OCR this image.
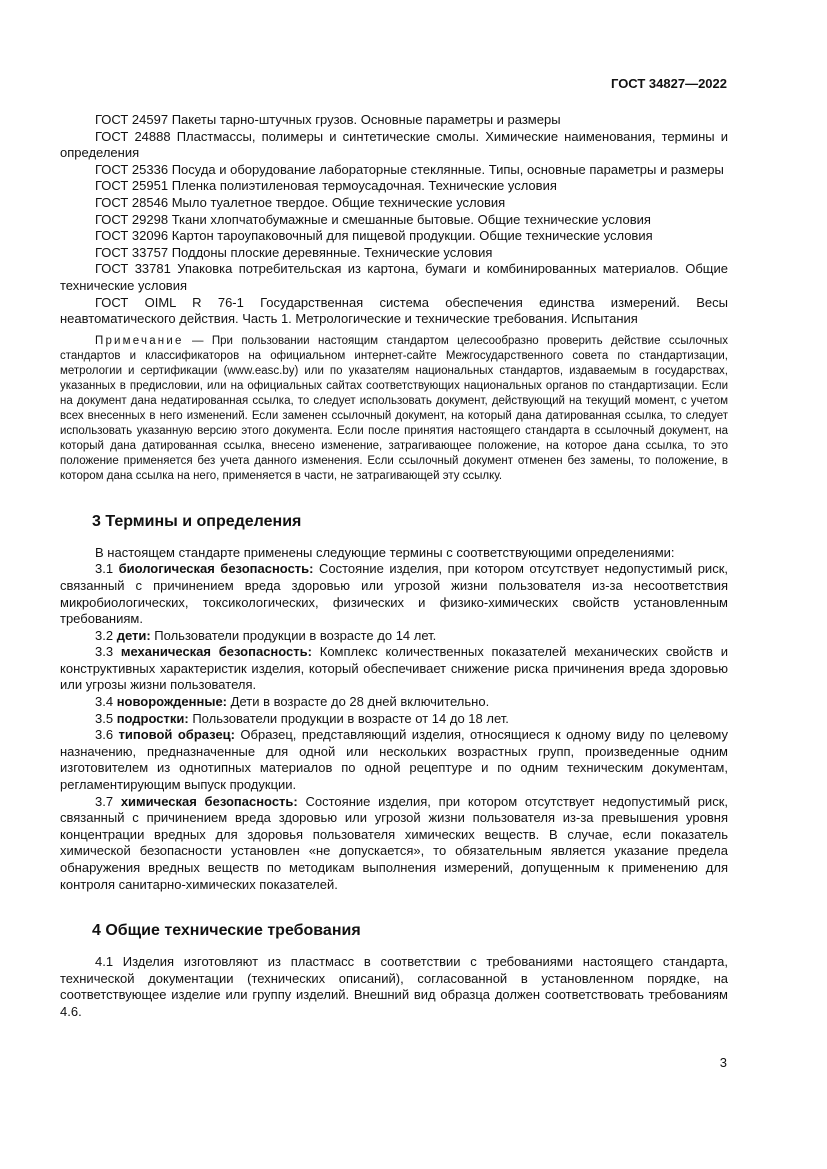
ГОСТ 34827—2022

ГОСТ 24597 Пакеты тарно-штучных грузов. Основные параметры и размеры

ГОСТ 24888 Пластмассы, полимеры и синтетические смолы. Химические наименования, термины и определения

ГОСТ 25336 Посуда и оборудование лабораторные стеклянные. Типы, основные параметры и размеры

ГОСТ 25951 Пленка полиэтиленовая термоусадочная. Технические условия

ГОСТ 28546 Мыло туалетное твердое. Общие технические условия

ГОСТ 29298 Ткани хлопчатобумажные и смешанные бытовые. Общие технические условия

ГОСТ 32096 Картон тароупаковочный для пищевой продукции. Общие технические условия

ГОСТ 33757 Поддоны плоские деревянные. Технические условия

ГОСТ 33781 Упаковка потребительская из картона, бумаги и комбинированных материалов. Общие технические условия

ГОСТ OIML R 76-1 Государственная система обеспечения единства измерений. Весы неавтоматического действия. Часть 1. Метрологические и технические требования. Испытания

Примечание — При пользовании настоящим стандартом целесообразно проверить действие ссылочных стандартов и классификаторов на официальном интернет-сайте Межгосударственного совета по стандартизации, метрологии и сертификации (www.easc.by) или по указателям национальных стандартов, издаваемым в государствах, указанных в предисловии, или на официальных сайтах соответствующих национальных органов по стандартизации. Если на документ дана недатированная ссылка, то следует использовать документ, действующий на текущий момент, с учетом всех внесенных в него изменений. Если заменен ссылочный документ, на который дана датированная ссылка, то следует использовать указанную версию этого документа. Если после принятия настоящего стандарта в ссылочный документ, на который дана датированная ссылка, внесено изменение, затрагивающее положение, на которое дана ссылка, то это положение применяется без учета данного изменения. Если ссылочный документ отменен без замены, то положение, в котором дана ссылка на него, применяется в части, не затрагивающей эту ссылку.

3 Термины и определения

В настоящем стандарте применены следующие термины с соответствующими определениями:

3.1 биологическая безопасность: Состояние изделия, при котором отсутствует недопустимый риск, связанный с причинением вреда здоровью или угрозой жизни пользователя из-за несоответствия микробиологических, токсикологических, физических и физико-химических свойств установленным требованиям.

3.2 дети: Пользователи продукции в возрасте до 14 лет.

3.3 механическая безопасность: Комплекс количественных показателей механических свойств и конструктивных характеристик изделия, который обеспечивает снижение риска причинения вреда здоровью или угрозы жизни пользователя.

3.4 новорожденные: Дети в возрасте до 28 дней включительно.

3.5 подростки: Пользователи продукции в возрасте от 14 до 18 лет.

3.6 типовой образец: Образец, представляющий изделия, относящиеся к одному виду по целевому назначению, предназначенные для одной или нескольких возрастных групп, произведенные одним изготовителем из однотипных материалов по одной рецептуре и по одним техническим документам, регламентирующим выпуск продукции.

3.7 химическая безопасность: Состояние изделия, при котором отсутствует недопустимый риск, связанный с причинением вреда здоровью или угрозой жизни пользователя из-за превышения уровня концентрации вредных для здоровья пользователя химических веществ. В случае, если показатель химической безопасности установлен «не допускается», то обязательным является указание предела обнаружения вредных веществ по методикам выполнения измерений, допущенным к применению для контроля санитарно-химических показателей.

4 Общие технические требования

4.1 Изделия изготовляют из пластмасс в соответствии с требованиями настоящего стандарта, технической документации (технических описаний), согласованной в установленном порядке, на соответствующее изделие или группу изделий. Внешний вид образца должен соответствовать требованиям 4.6.

3
